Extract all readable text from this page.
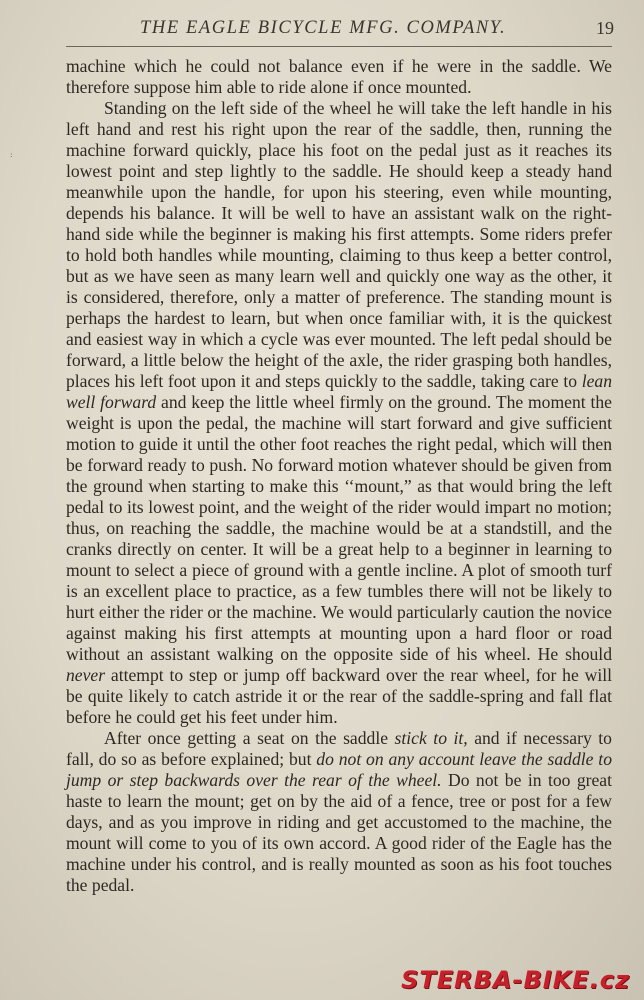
THE EAGLE BICYCLE MFG. COMPANY.	19
:

machine which he could not balance even if he were in the saddle. We therefore suppose him able to ride alone if once mounted.

Standing on the left side of the wheel he will take the left handle in his left hand and rest his right upon the rear of the saddle, then, running the machine forward quickly, place his foot on the pedal just as it reaches its lowest point and step lightly to the saddle. He should keep a steady hand meanwhile upon the handle, for upon his steering, even while mounting, depends his balance. It will be well to have an assistant walk on the right-hand side while the beginner is making his first attempts. Some riders prefer to hold both handles while mounting, claiming to thus keep a better control, but as we have seen as many learn well and quickly one way as the other, it is considered, therefore, only a matter of preference. The standing mount is perhaps the hardest to learn, but when once familiar with, it is the quickest and easiest way in which a cycle was ever mounted. The left pedal should be forward, a little below the height of the axle, the rider grasping both handles, places his left foot upon it and steps quickly to the saddle, taking care to lean well forward and keep the little wheel firmly on the ground. The moment the weight is upon the pedal, the machine will start forward and give sufficient motion to guide it until the other foot reaches the right pedal, which will then be forward ready to push. No forward motion whatever should be given from the ground when starting to make this ‘‘mount,” as that would bring the left pedal to its lowest point, and the weight of the rider would impart no motion; thus, on reaching the saddle, the machine would be at a standstill, and the cranks directly on center. It will be a great help to a beginner in learning to mount to select a piece of ground with a gentle incline. A plot of smooth turf is an excellent place to practice, as a few tumbles there will not be likely to hurt either the rider or the machine. We would particularly caution the novice against making his first attempts at mounting upon a hard floor or road without an assistant walking on the opposite side of his wheel. He should never attempt to step or jump off backward over the rear wheel, for he will be quite likely to catch astride it or the rear of the saddle-spring and fall flat before he could get his feet under him.

After once getting a seat on the saddle stick to it, and if necessary to fall, do so as before explained; but do not on any account leave the saddle to jump or step backwards over the rear of the wheel. Do not be in too great haste to learn the mount; get on by the aid of a fence, tree or post for a few days, and as you improve in riding and get accustomed to the machine, the mount will come to you of its own accord. A good rider of the Eagle has the machine under his control, and is really mounted as soon as his foot touches the pedal.

STERBA-BIKE.cz
